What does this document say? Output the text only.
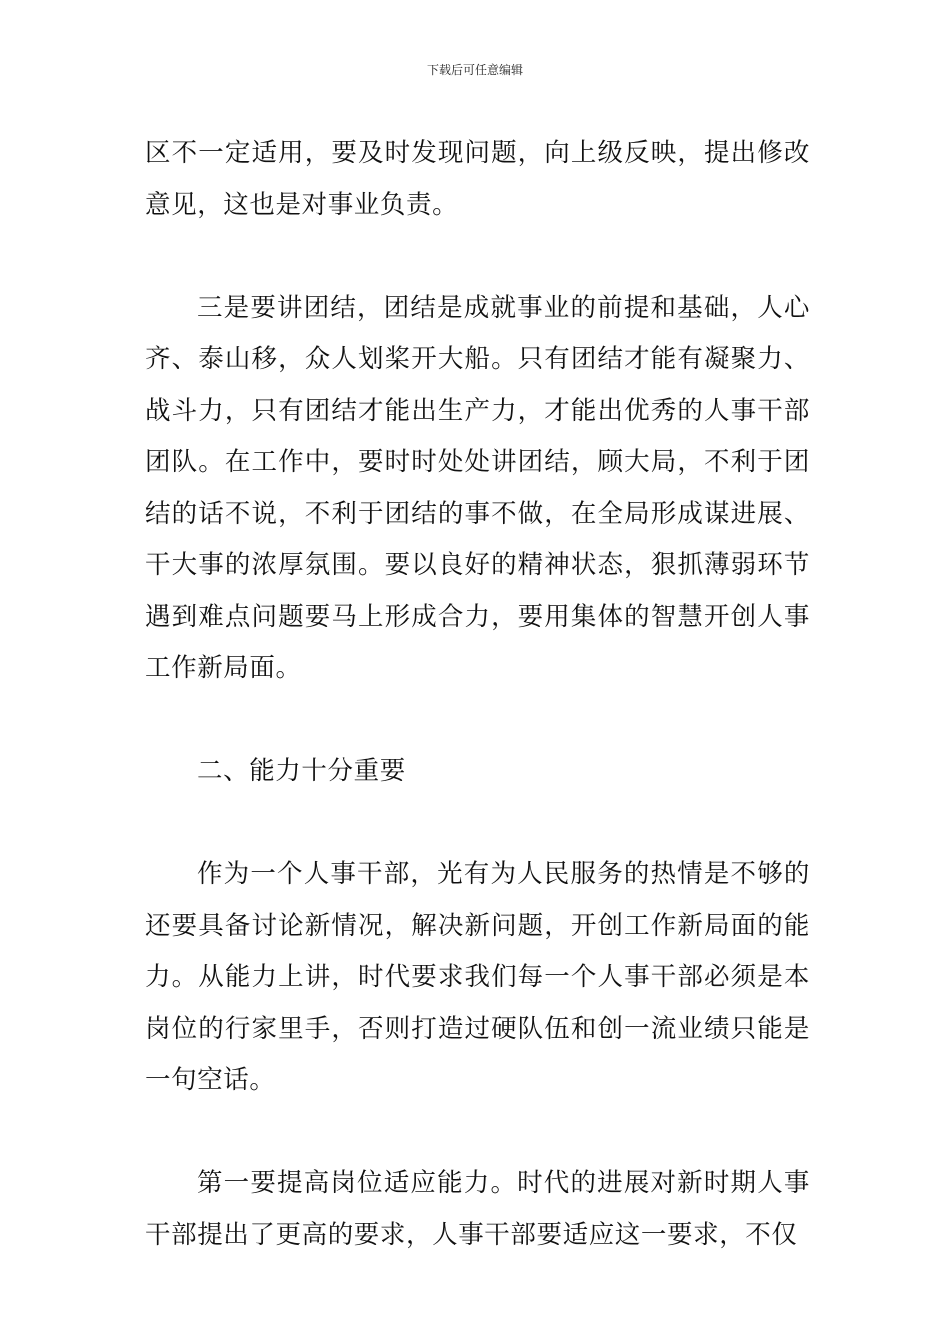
下载后可任意编辑

区不一定适用，要及时发现问题，向上级反映，提出修改意见，这也是对事业负责。

三是要讲团结，团结是成就事业的前提和基础，人心齐、泰山移，众人划桨开大船。只有团结才能有凝聚力、战斗力，只有团结才能出生产力，才能出优秀的人事干部团队。在工作中，要时时处处讲团结，顾大局，不利于团结的话不说，不利于团结的事不做，在全局形成谋进展、干大事的浓厚氛围。要以良好的精神状态，狠抓薄弱环节遇到难点问题要马上形成合力，要用集体的智慧开创人事工作新局面。

二、能力十分重要

作为一个人事干部，光有为人民服务的热情是不够的还要具备讨论新情况，解决新问题，开创工作新局面的能力。从能力上讲，时代要求我们每一个人事干部必须是本岗位的行家里手，否则打造过硬队伍和创一流业绩只能是一句空话。

第一要提高岗位适应能力。时代的进展对新时期人事干部提出了更高的要求，人事干部要适应这一要求，不仅
